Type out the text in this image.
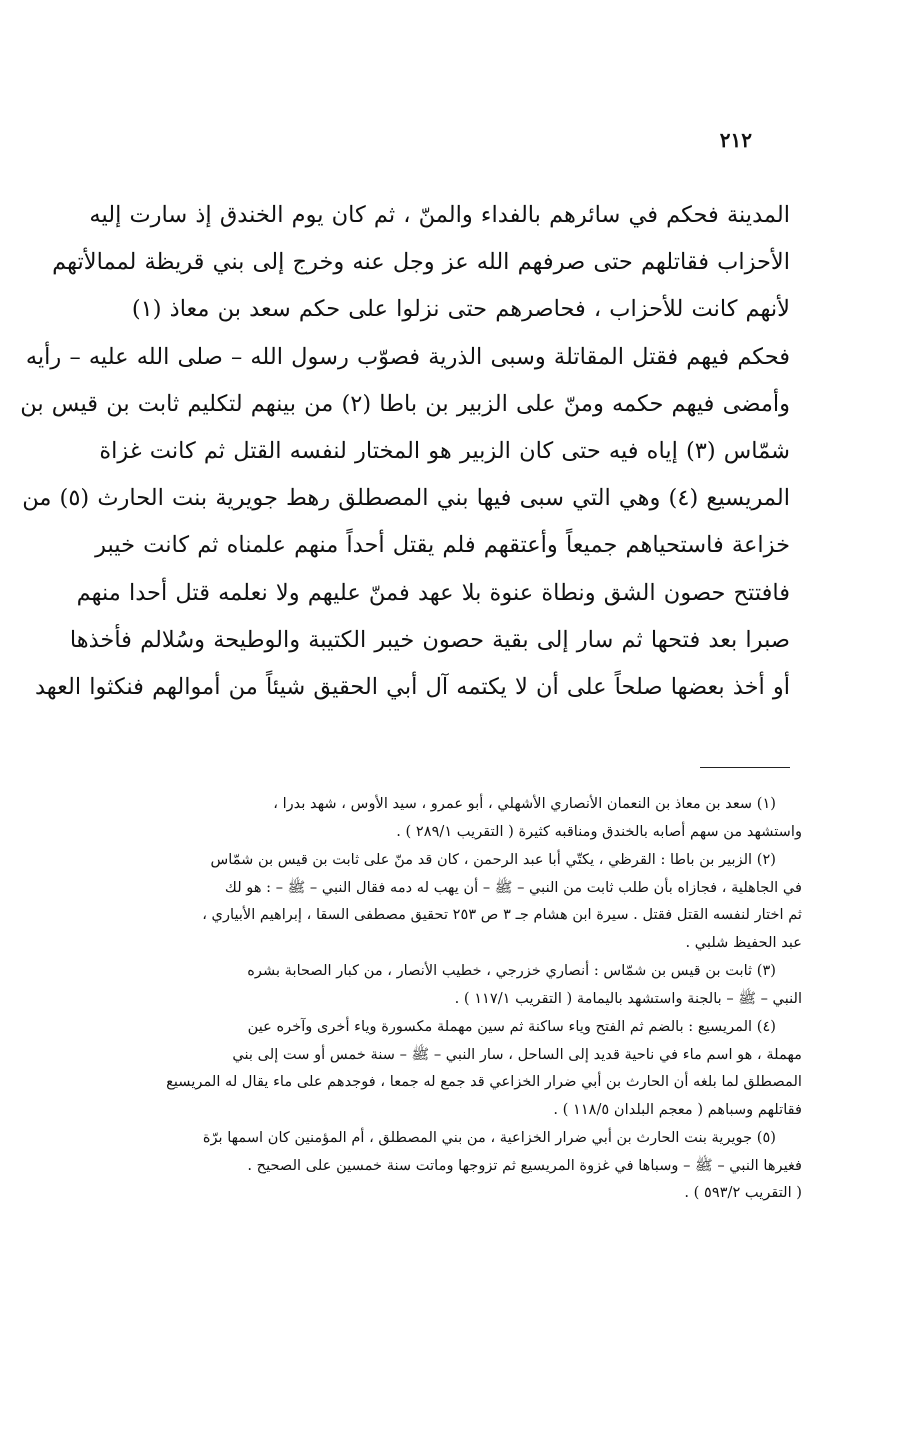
٢١٢
المدينة فحكم في سائرهم بالفداء والمنّ ، ثم كان يوم الخندق إذ سارت إليه
الأحزاب فقاتلهم حتى صرفهم الله عز وجل عنه وخرج إلى بني قريظة لممالأتهم
لأنهم كانت للأحزاب ، فحاصرهم حتى نزلوا على حكم سعد بن معاذ (١)
فحكم فيهم فقتل المقاتلة وسبى الذرية فصوّب رسول الله – صلى الله عليه – رأيه
وأمضى فيهم حكمه ومنّ على الزبير بن باطا (٢) من بينهم لتكليم ثابت بن قيس بن
شمّاس (٣) إياه فيه حتى كان الزبير هو المختار لنفسه القتل ثم كانت غزاة
المريسيع (٤) وهي التي سبى فيها بني المصطلق رهط جويرية بنت الحارث (٥) من
خزاعة فاستحياهم جميعاً وأعتقهم فلم يقتل أحداً منهم علمناه ثم كانت خيبر
فافتتح حصون الشق ونطاة عنوة بلا عهد فمنّ عليهم ولا نعلمه قتل أحدا منهم
صبرا بعد فتحها ثم سار إلى بقية حصون خيبر الكتيبة والوطيحة وسُلالم فأخذها
أو أخذ بعضها صلحاً على أن لا يكتمه آل أبي الحقيق شيئاً من أموالهم فنكثوا العهد
(١) سعد بن معاذ بن النعمان الأنصاري الأشهلي ، أبو عمرو ، سيد الأوس ، شهد بدرا ،
واستشهد من سهم أصابه بالخندق ومناقبه كثيرة ( التقريب ٢٨٩/١ ) .
(٢) الزبير بن باطا : القرظي ، يكتّي أبا عبد الرحمن ، كان قد منّ على ثابت بن قيس بن شمّاس
في الجاهلية ، فجازاه بأن طلب ثابت من النبي – ﷺ – أن يهب له دمه فقال النبي – ﷺ – : هو لك
ثم اختار لنفسه القتل فقتل . سيرة ابن هشام جـ ٣ ص ٢٥٣ تحقيق مصطفى السقا ، إبراهيم الأبياري ،
عبد الحفيظ شلبي .
(٣) ثابت بن قيس بن شمّاس : أنصاري خزرجي ، خطيب الأنصار ، من كبار الصحابة بشره
النبي – ﷺ – بالجنة واستشهد باليمامة ( التقريب ١١٧/١ ) .
(٤) المريسيع : بالضم ثم الفتح وياء ساكنة ثم سين مهملة مكسورة وياء أخرى وآخره عين
مهملة ، هو اسم ماء في ناحية قديد إلى الساحل ، سار النبي – ﷺ – سنة خمس أو ست إلى بني
المصطلق لما بلغه أن الحارث بن أبي ضرار الخزاعي قد جمع له جمعا ، فوجدهم على ماء يقال له المريسيع
فقاتلهم وسباهم ( معجم البلدان ١١٨/٥ ) .
(٥) جويرية بنت الحارث بن أبي ضرار الخزاعية ، من بني المصطلق ، أم المؤمنين كان اسمها برّة
فغيرها النبي – ﷺ – وسباها في غزوة المريسيع ثم تزوجها وماتت سنة خمسين على الصحيح .
( التقريب ٥٩٣/٢ ) .
